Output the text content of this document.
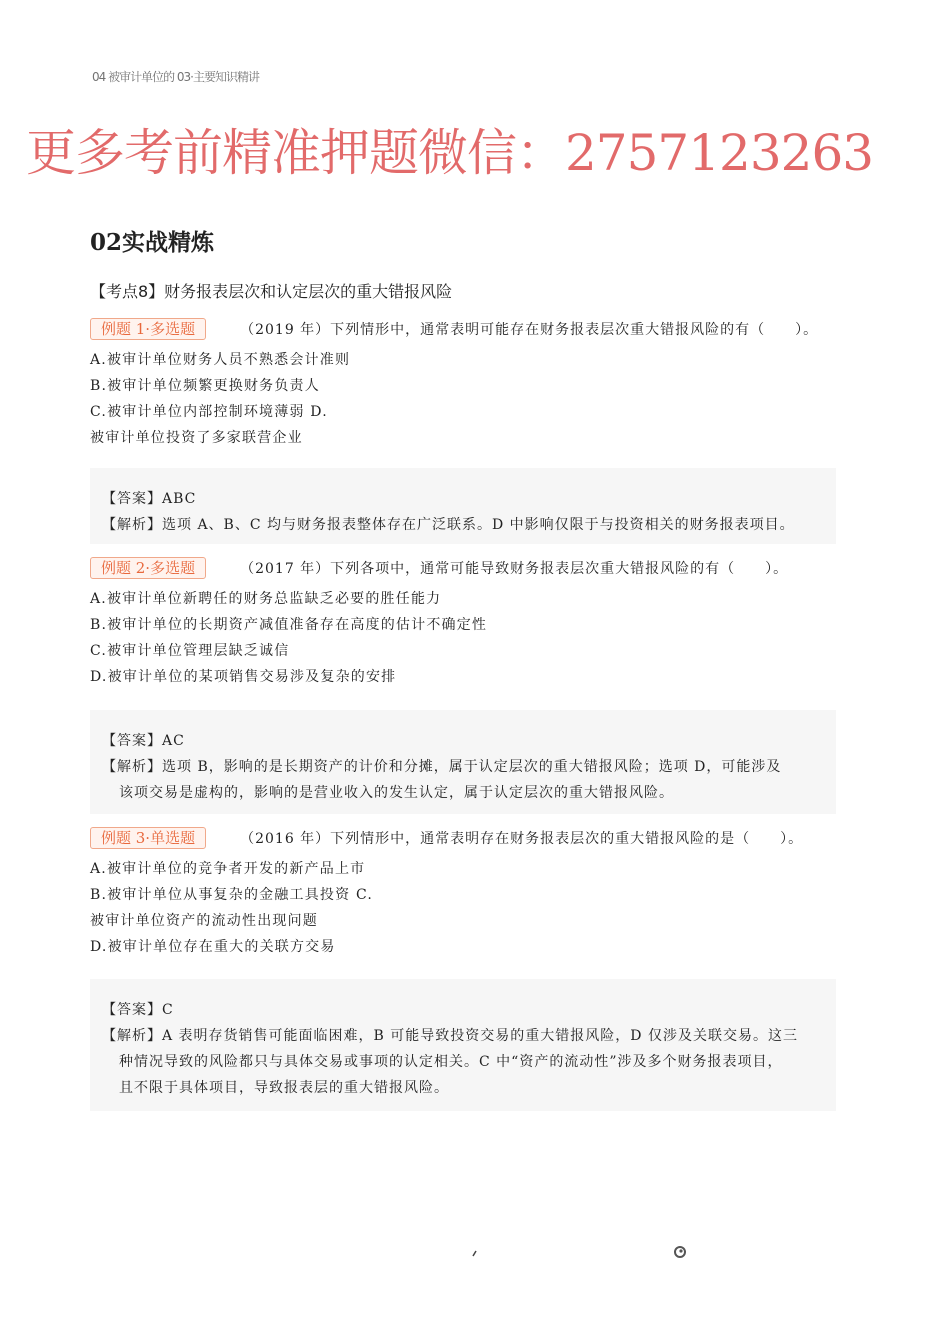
04 被审计单位的 03·主要知识精讲
更多考前精准押题微信：2757123263
02实战精炼
【考点8】财务报表层次和认定层次的重大错报风险
例题 1·多选题	（2019 年）下列情形中，通常表明可能存在财务报表层次重大错报风险的有（　　）。
A.被审计单位财务人员不熟悉会计准则
B.被审计单位频繁更换财务负责人
C.被审计单位内部控制环境薄弱 D.
被审计单位投资了多家联营企业
【答案】ABC
【解析】选项 A、B、C 均与财务报表整体存在广泛联系。D 中影响仅限于与投资相关的财务报表项目。
例题 2·多选题	（2017 年）下列各项中，通常可能导致财务报表层次重大错报风险的有（　　）。
A.被审计单位新聘任的财务总监缺乏必要的胜任能力
B.被审计单位的长期资产减值准备存在高度的估计不确定性
C.被审计单位管理层缺乏诚信
D.被审计单位的某项销售交易涉及复杂的安排
【答案】AC
【解析】选项 B，影响的是长期资产的计价和分摊，属于认定层次的重大错报风险；选项 D，可能涉及
该项交易是虚构的，影响的是营业收入的发生认定，属于认定层次的重大错报风险。
例题 3·单选题	（2016 年）下列情形中，通常表明存在财务报表层次的重大错报风险的是（　　）。
A.被审计单位的竞争者开发的新产品上市
B.被审计单位从事复杂的金融工具投资 C.
被审计单位资产的流动性出现问题
D.被审计单位存在重大的关联方交易
【答案】C
【解析】A 表明存货销售可能面临困难，B 可能导致投资交易的重大错报风险，D 仅涉及关联交易。这三
种情况导致的风险都只与具体交易或事项的认定相关。C 中“资产的流动性”涉及多个财务报表项目，
且不限于具体项目，导致报表层的重大错报风险。
